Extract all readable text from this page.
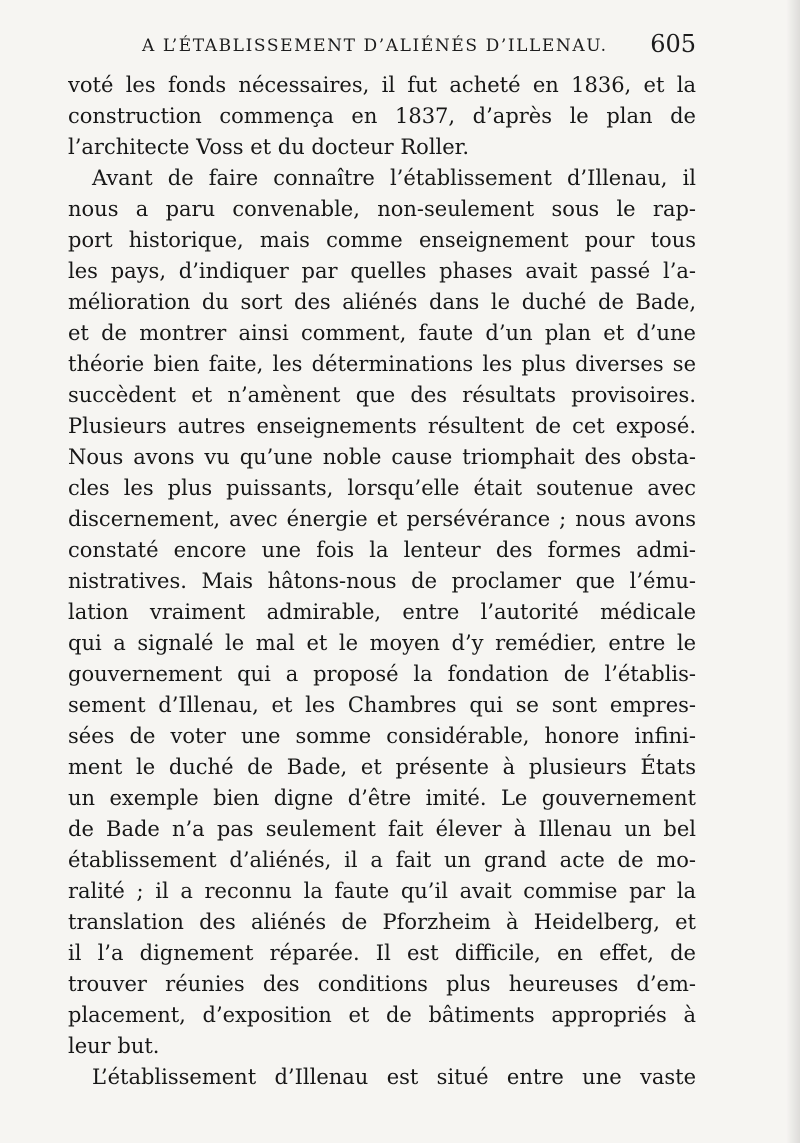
A L’ÉTABLISSEMENT D’ALIÉNÉS D’ILLENAU. 605
voté les fonds nécessaires, il fut acheté en 1836, et la
construction commença en 1837, d’après le plan de
l’architecte Voss et du docteur Roller.
Avant de faire connaître l’établissement d’Illenau, il
nous a paru convenable, non-seulement sous le rap-
port historique, mais comme enseignement pour tous
les pays, d’indiquer par quelles phases avait passé l’a-
mélioration du sort des aliénés dans le duché de Bade,
et de montrer ainsi comment, faute d’un plan et d’une
théorie bien faite, les déterminations les plus diverses se
succèdent et n’amènent que des résultats provisoires.
Plusieurs autres enseignements résultent de cet exposé.
Nous avons vu qu’une noble cause triomphait des obsta-
cles les plus puissants, lorsqu’elle était soutenue avec
discernement, avec énergie et persévérance ; nous avons
constaté encore une fois la lenteur des formes admi-
nistratives. Mais hâtons-nous de proclamer que l’ému-
lation vraiment admirable, entre l’autorité médicale
qui a signalé le mal et le moyen d’y remédier, entre le
gouvernement qui a proposé la fondation de l’établis-
sement d’Illenau, et les Chambres qui se sont empres-
sées de voter une somme considérable, honore infini-
ment le duché de Bade, et présente à plusieurs États
un exemple bien digne d’être imité. Le gouvernement
de Bade n’a pas seulement fait élever à Illenau un bel
établissement d’aliénés, il a fait un grand acte de mo-
ralité ; il a reconnu la faute qu’il avait commise par la
translation des aliénés de Pforzheim à Heidelberg, et
il l’a dignement réparée. Il est difficile, en effet, de
trouver réunies des conditions plus heureuses d’em-
placement, d’exposition et de bâtiments appropriés à
leur but.
L’établissement d’Illenau est situé entre une vaste
